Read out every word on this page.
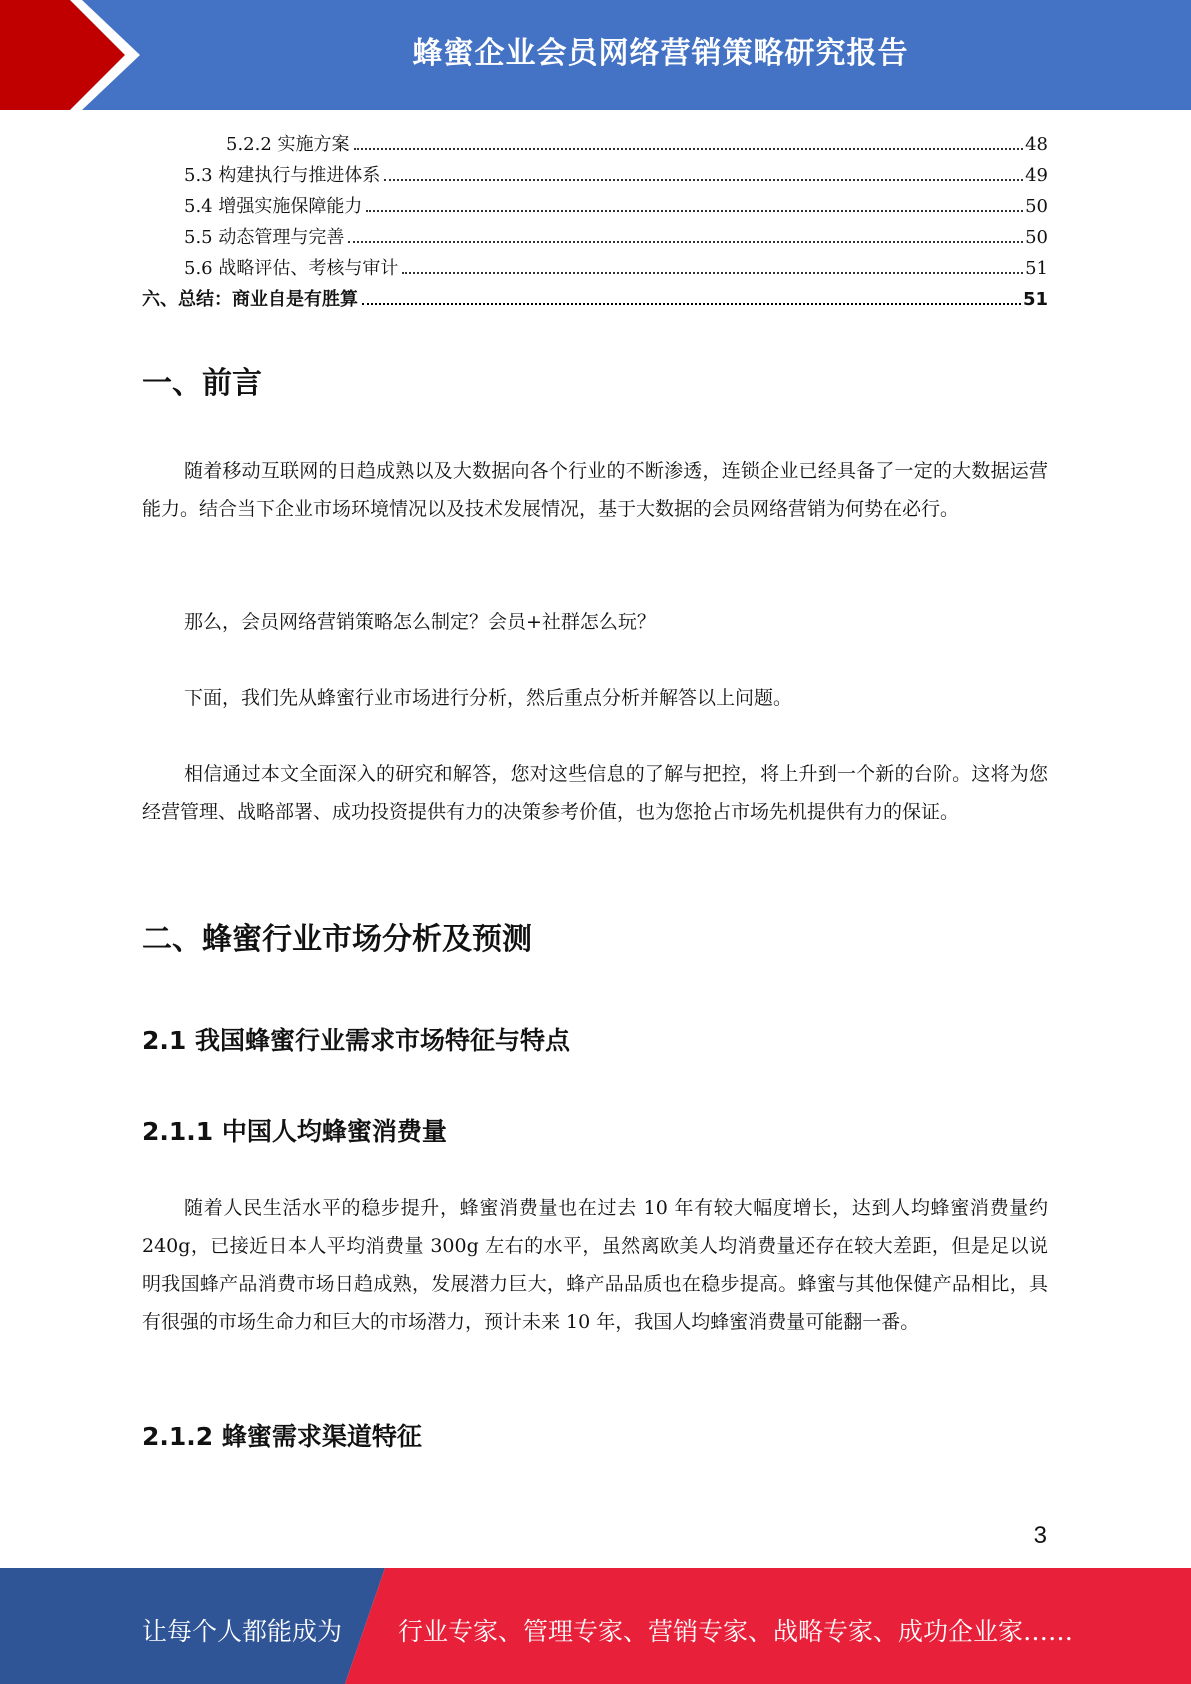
蜂蜜企业会员网络营销策略研究报告
5.2.2 实施方案	48
5.3 构建执行与推进体系	49
5.4 增强实施保障能力	50
5.5 动态管理与完善	50
5.6 战略评估、考核与审计	51
六、总结：商业自是有胜算	51
一、前言

随着移动互联网的日趋成熟以及大数据向各个行业的不断渗透，连锁企业已经具备了一定的大数据运营能力。结合当下企业市场环境情况以及技术发展情况，基于大数据的会员网络营销为何势在必行。

那么，会员网络营销策略怎么制定？会员+社群怎么玩？

下面，我们先从蜂蜜行业市场进行分析，然后重点分析并解答以上问题。

相信通过本文全面深入的研究和解答，您对这些信息的了解与把控，将上升到一个新的台阶。这将为您经营管理、战略部署、成功投资提供有力的决策参考价值，也为您抢占市场先机提供有力的保证。

二、蜂蜜行业市场分析及预测
2.1 我国蜂蜜行业需求市场特征与特点
2.1.1 中国人均蜂蜜消费量

随着人民生活水平的稳步提升，蜂蜜消费量也在过去 10 年有较大幅度增长，达到人均蜂蜜消费量约 240g，已接近日本人平均消费量 300g 左右的水平，虽然离欧美人均消费量还存在较大差距，但是足以说明我国蜂产品消费市场日趋成熟，发展潜力巨大，蜂产品品质也在稳步提高。蜂蜜与其他保健产品相比，具有很强的市场生命力和巨大的市场潜力，预计未来 10 年，我国人均蜂蜜消费量可能翻一番。

2.1.2 蜂蜜需求渠道特征
3
让每个人都能成为 行业专家、管理专家、营销专家、战略专家、成功企业家……
